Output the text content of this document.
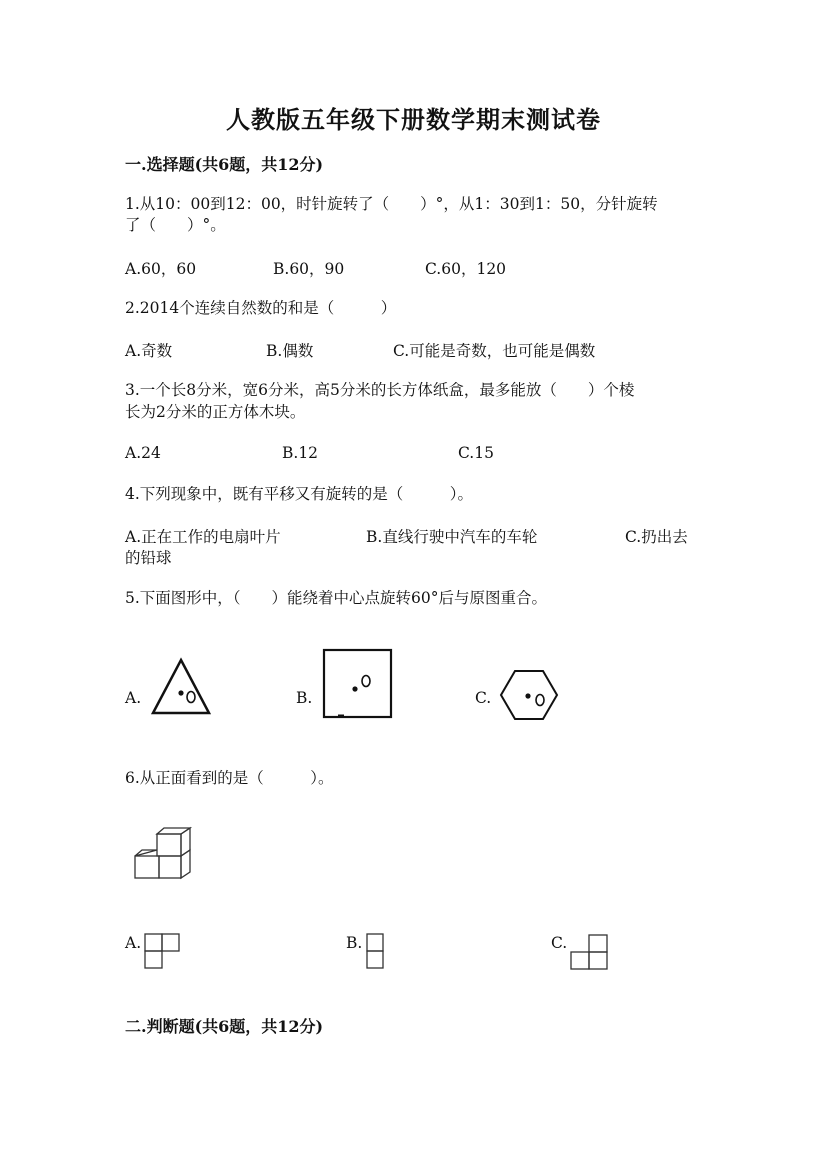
人教版五年级下册数学期末测试卷
一.选择题(共6题，共12分)
1.从10：00到12：00，时针旋转了（　　）°，从1：30到1：50，分针旋转
了（　　）°。
A.60，60	B.60，90	C.60，120
2.2014个连续自然数的和是（　　　）
A.奇数	B.偶数	C.可能是奇数，也可能是偶数
3.一个长8分米，宽6分米，高5分米的长方体纸盒，最多能放（　　）个棱
长为2分米的正方体木块。
A.24	B.12	C.15
4.下列现象中，既有平移又有旋转的是（　　　）。
A.正在工作的电扇叶片	B.直线行驶中汽车的车轮	C.扔出去
的铅球
5.下面图形中，（　　）能绕着中心点旋转60°后与原图重合。
A.	B.	C.
6.从正面看到的是（　　　）。
A.	B.	C.
二.判断题(共6题，共12分)
